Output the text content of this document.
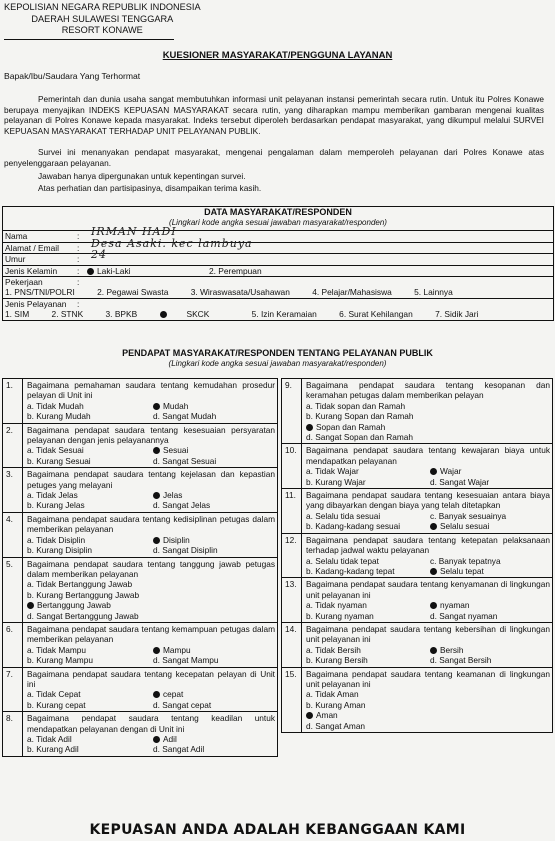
KEPOLISIAN NEGARA REPUBLIK INDONESIA
DAERAH SULAWESI TENGGARA
RESORT KONAWE
KUESIONER MASYARAKAT/PENGGUNA LAYANAN
Bapak/Ibu/Saudara Yang Terhormat
Pemerintah dan dunia usaha sangat membutuhkan informasi unit pelayanan instansi pemerintah secara rutin. Untuk itu Polres Konawe berupaya menyajikan INDEKS KEPUASAN MASYARAKAT secara rutin, yang diharapkan mampu memberikan gambaran mengenai kualitas pelayanan di Polres Konawe kepada masyarakat. Indeks tersebut diperoleh berdasarkan pendapat masyarakat, yang dikumpul melalui SURVEI KEPUASAN MASYARAKAT TERHADAP UNIT PELAYANAN PUBLIK.
Survei ini menanyakan pendapat masyarakat, mengenai pengalaman dalam memperoleh pelayanan dari Polres Konawe atas penyelenggaraan pelayanan.
Jawaban hanya dipergunakan untuk kepentingan survei.
Atas perhatian dan partisipasinya, disampaikan terima kasih.
DATA MASYARAKAT/RESPONDEN
(Lingkari kode angka sesuai jawaban masyarakat/responden)
Nama	: IRMAN HADI
Alamat / Email : Desa Asaki. kec lambuya
Umur	: 24
Jenis Kelamin :	Laki-Laki	2. Perempuan
Pekerjaan	:
1. PNS/TNI/POLRI	2. Pegawai Swasta	3. Wiraswasata/Usahawan	4. Pelajar/Mahasiswa	5. Lainnya
Jenis Pelayanan :
1. SIM	2. STNK	3. BPKB	SKCK	5. Izin Keramaian	6. Surat Kehilangan	7. Sidik Jari
PENDAPAT MASYARAKAT/RESPONDEN TENTANG PELAYANAN PUBLIK
(Lingkari kode angka sesuai jawaban masyarakat/responden)
1. Bagaimana pemahaman saudara tentang kemudahan prosedur pelayan di Unit ini
a. Tidak Mudah	Mudah
b. Kurang Mudah	d. Sangat Mudah
2. Bagaimana pendapat saudara tentang kesesuaian persyaratan pelayanan dengan jenis pelayanannya
a. Tidak Sesuai	Sesuai
b. Kurang Sesuai	d. Sangat Sesuai
3. Bagaimana pendapat saudara tentang kejelasan dan kepastian petuges yang melayani
a. Tidak Jelas	Jelas
b. Kurang Jelas	d. Sangat Jelas
4. Bagaimana pendapat saudara tentang kedisiplinan petugas dalam memberikan pelayanan
a. Tidak Disiplin	Disiplin
b. Kurang Disiplin	d. Sangat Disiplin
5. Bagaimana pendapat saudara tentang tanggung jawab petugas dalam memberikan pelayanan
a. Tidak Bertanggung Jawab
b. Kurang Bertanggung Jawab
Bertanggung Jawab
d. Sangat Bertanggung Jawab
6. Bagaimana pendapat saudara tentang kemampuan petugas dalam memberikan pelayanan
a. Tidak Mampu	Mampu
b. Kurang Mampu	d. Sangat Mampu
7. Bagaimana pendapat saudara tentang kecepatan pelayan di Unit ini
a. Tidak Cepat	cepat
b. Kurang cepat	d. Sangat cepat
8. Bagaimana pendapat saudara tentang keadilan untuk mendapatkan pelayanan dengan di Unit ini
a. Tidak Adil	Adil
b. Kurang Adil	d. Sangat Adil
9. Bagaimana pendapat saudara tentang kesopanan dan keramahan petugas dalam memberikan pelayan
a. Tidak sopan dan Ramah
b. Kurang Sopan dan Ramah
Sopan dan Ramah
d. Sangat Sopan dan Ramah
10. Bagaimana pendapat saudara tentang kewajaran biaya untuk mendapatkan pelayanan
a. Tidak Wajar	Wajar
b. Kurang Wajar	d. Sangat Wajar
11. Bagaimana pendapat saudara tentang kesesuaian antara biaya yang dibayarkan dengan biaya yang telah ditetapkan
a. Selalu tida sesuai	c. Banyak sesuainya
b. Kadang-kadang sesuai	Selalu sesuai
12. Bagaimana pendapat saudara tentang ketepatan pelaksanaan terhadap jadwal waktu pelayanan
a. Selalu tidak tepat	c. Banyak tepatnya
b. Kadang-kadang tepat	Selalu tepat
13. Bagaimana pendapat saudara tentang kenyamanan di lingkungan unit pelayanan ini
a. Tidak nyaman	nyaman
b. Kurang nyaman	d. Sangat nyaman
14. Bagaimana pendapat saudara tentang kebersihan di lingkungan unit pelayanan ini
a. Tidak Bersih	Bersih
b. Kurang Bersih	d. Sangat Bersih
15. Bagaimana pendapat saudara tentang keamanan di lingkungan unit pelayanan ini
a. Tidak Aman
b. Kurang Aman
Aman
d. Sangat Aman
KEPUASAN ANDA ADALAH KEBANGGAAN KAMI
